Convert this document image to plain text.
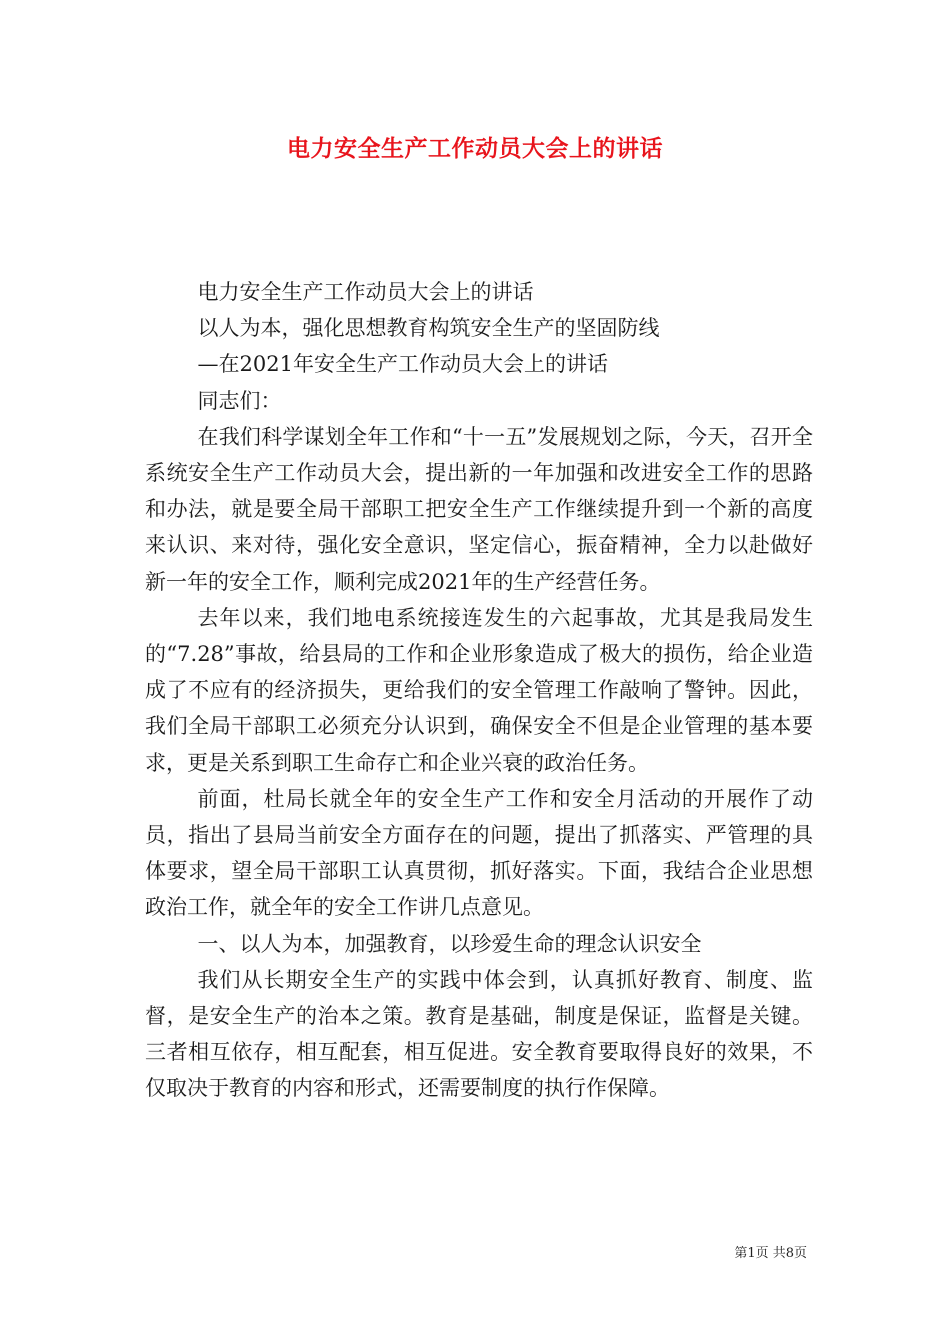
电力安全生产工作动员大会上的讲话

电力安全生产工作动员大会上的讲话

以人为本，强化思想教育构筑安全生产的坚固防线

—在2021年安全生产工作动员大会上的讲话

同志们：

在我们科学谋划全年工作和“十一五”发展规划之际，今天，召开全系统安全生产工作动员大会，提出新的一年加强和改进安全工作的思路和办法，就是要全局干部职工把安全生产工作继续提升到一个新的高度来认识、来对待，强化安全意识，坚定信心，振奋精神，全力以赴做好新一年的安全工作，顺利完成2021年的生产经营任务。

去年以来，我们地电系统接连发生的六起事故，尤其是我局发生的“7.28”事故，给县局的工作和企业形象造成了极大的损伤，给企业造成了不应有的经济损失，更给我们的安全管理工作敲响了警钟。因此，我们全局干部职工必须充分认识到，确保安全不但是企业管理的基本要求，更是关系到职工生命存亡和企业兴衰的政治任务。

前面，杜局长就全年的安全生产工作和安全月活动的开展作了动员，指出了县局当前安全方面存在的问题，提出了抓落实、严管理的具体要求，望全局干部职工认真贯彻，抓好落实。下面，我结合企业思想政治工作，就全年的安全工作讲几点意见。

一、以人为本，加强教育，以珍爱生命的理念认识安全

我们从长期安全生产的实践中体会到，认真抓好教育、制度、监督，是安全生产的治本之策。教育是基础，制度是保证，监督是关键。三者相互依存，相互配套，相互促进。安全教育要取得良好的效果，不仅取决于教育的内容和形式，还需要制度的执行作保障。

第1页 共8页
